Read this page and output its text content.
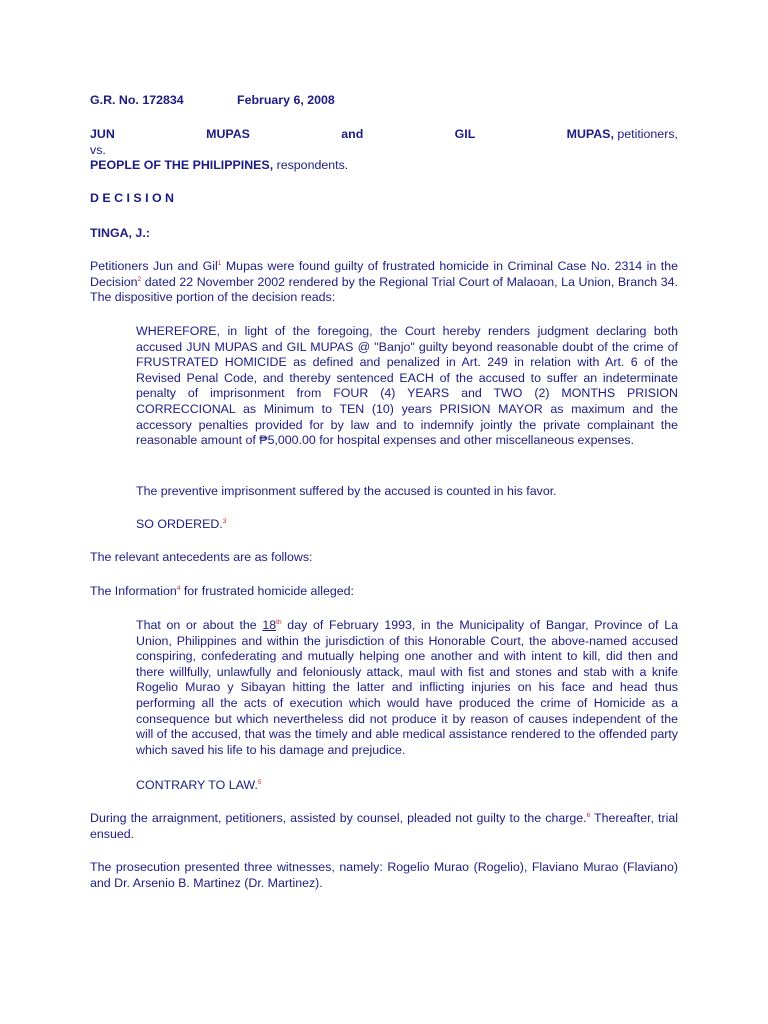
G.R. No. 172834	February 6, 2008
JUN	MUPAS	and	GIL	MUPAS, petitioners,
vs.
PEOPLE OF THE PHILIPPINES, respondents.
D E C I S I O N
TINGA, J.:
Petitioners Jun and Gil$^1$ Mupas were found guilty of frustrated homicide in Criminal Case No. 2314 in the Decision$^2$ dated 22 November 2002 rendered by the Regional Trial Court of Malaoan, La Union, Branch 34. The dispositive portion of the decision reads:
WHEREFORE, in light of the foregoing, the Court hereby renders judgment declaring both accused JUN MUPAS and GIL MUPAS @ "Banjo" guilty beyond reasonable doubt of the crime of FRUSTRATED HOMICIDE as defined and penalized in Art. 249 in relation with Art. 6 of the Revised Penal Code, and thereby sentenced EACH of the accused to suffer an indeterminate penalty of imprisonment from FOUR (4) YEARS and TWO (2) MONTHS PRISION CORRECCIONAL as Minimum to TEN (10) years PRISION MAYOR as maximum and the accessory penalties provided for by law and to indemnify jointly the private complainant the reasonable amount of ₱5,000.00 for hospital expenses and other miscellaneous expenses.
The preventive imprisonment suffered by the accused is counted in his favor.
SO ORDERED.$^3$
The relevant antecedents are as follows:
The Information$^4$ for frustrated homicide alleged:
That on or about the 18th day of February 1993, in the Municipality of Bangar, Province of La Union, Philippines and within the jurisdiction of this Honorable Court, the above-named accused conspiring, confederating and mutually helping one another and with intent to kill, did then and there willfully, unlawfully and feloniously attack, maul with fist and stones and stab with a knife Rogelio Murao y Sibayan hitting the latter and inflicting injuries on his face and head thus performing all the acts of execution which would have produced the crime of Homicide as a consequence but which nevertheless did not produce it by reason of causes independent of the will of the accused, that was the timely and able medical assistance rendered to the offended party which saved his life to his damage and prejudice.
CONTRARY TO LAW.$^5$
During the arraignment, petitioners, assisted by counsel, pleaded not guilty to the charge.$^6$ Thereafter, trial ensued.
The prosecution presented three witnesses, namely: Rogelio Murao (Rogelio), Flaviano Murao (Flaviano) and Dr. Arsenio B. Martinez (Dr. Martinez).
